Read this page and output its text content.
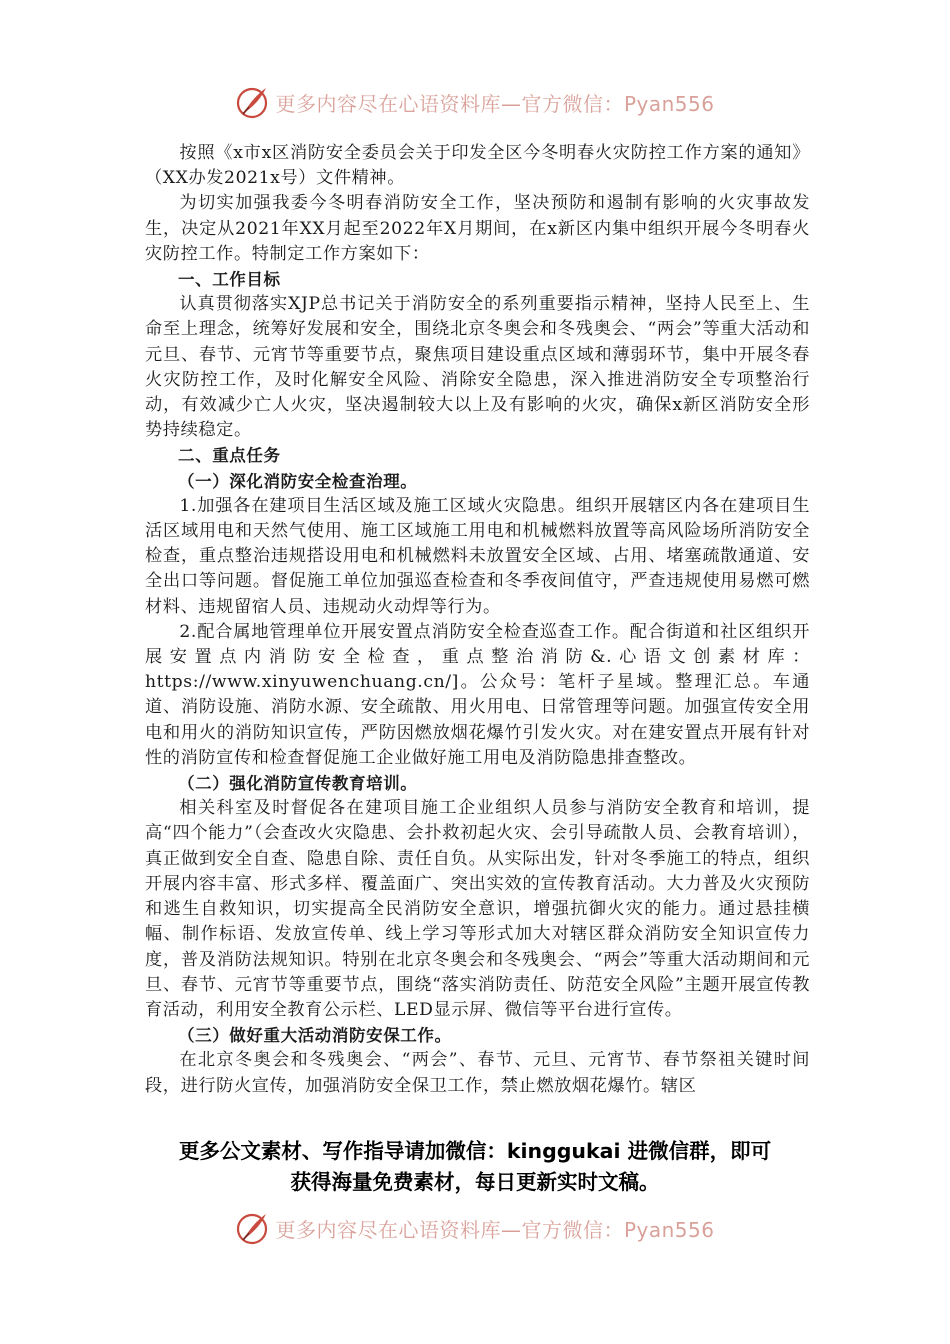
更多内容尽在心语资料库—官方微信：Pyan556

按照《x市x区消防安全委员会关于印发全区今冬明春火灾防控工作方案的通知》（XX办发2021x号）文件精神。

为切实加强我委今冬明春消防安全工作，坚决预防和遏制有影响的火灾事故发生，决定从2021年XX月起至2022年X月期间，在x新区内集中组织开展今冬明春火灾防控工作。特制定工作方案如下：

一、工作目标

认真贯彻落实XJP总书记关于消防安全的系列重要指示精神，坚持人民至上、生命至上理念，统筹好发展和安全，围绕北京冬奥会和冬残奥会、“两会”等重大活动和元旦、春节、元宵节等重要节点，聚焦项目建设重点区域和薄弱环节，集中开展冬春火灾防控工作，及时化解安全风险、消除安全隐患，深入推进消防安全专项整治行动，有效减少亡人火灾，坚决遏制较大以上及有影响的火灾，确保x新区消防安全形势持续稳定。

二、重点任务

（一）深化消防安全检查治理。

1.加强各在建项目生活区域及施工区域火灾隐患。组织开展辖区内各在建项目生活区域用电和天然气使用、施工区域施工用电和机械燃料放置等高风险场所消防安全检查，重点整治违规搭设用电和机械燃料未放置安全区域、占用、堵塞疏散通道、安全出口等问题。督促施工单位加强巡查检查和冬季夜间值守，严查违规使用易燃可燃材料、违规留宿人员、违规动火动焊等行为。

2.配合属地管理单位开展安置点消防安全检查巡查工作。配合街道和社区组织开展安置点内消防安全检查，重点整治消防&.心语文创素材库：https://www.xinyuwenchuang.cn/]。公众号：笔杆子星域。整理汇总。车通道、消防设施、消防水源、安全疏散、用火用电、日常管理等问题。加强宣传安全用电和用火的消防知识宣传，严防因燃放烟花爆竹引发火灾。对在建安置点开展有针对性的消防宣传和检查督促施工企业做好施工用电及消防隐患排查整改。

（二）强化消防宣传教育培训。

相关科室及时督促各在建项目施工企业组织人员参与消防安全教育和培训，提高“四个能力”（会查改火灾隐患、会扑救初起火灾、会引导疏散人员、会教育培训），真正做到安全自查、隐患自除、责任自负。从实际出发，针对冬季施工的特点，组织开展内容丰富、形式多样、覆盖面广、突出实效的宣传教育活动。大力普及火灾预防和逃生自救知识，切实提高全民消防安全意识，增强抗御火灾的能力。通过悬挂横幅、制作标语、发放宣传单、线上学习等形式加大对辖区群众消防安全知识宣传力度，普及消防法规知识。特别在北京冬奥会和冬残奥会、“两会”等重大活动期间和元旦、春节、元宵节等重要节点，围绕“落实消防责任、防范安全风险”主题开展宣传教育活动，利用安全教育公示栏、LED显示屏、微信等平台进行宣传。

（三）做好重大活动消防安保工作。

在北京冬奥会和冬残奥会、“两会”、春节、元旦、元宵节、春节祭祖关键时间段，进行防火宣传，加强消防安全保卫工作，禁止燃放烟花爆竹。辖区

更多公文素材、写作指导请加微信：kinggukai 进微信群，即可
获得海量免费素材，每日更新实时文稿。
更多内容尽在心语资料库—官方微信：Pyan556
